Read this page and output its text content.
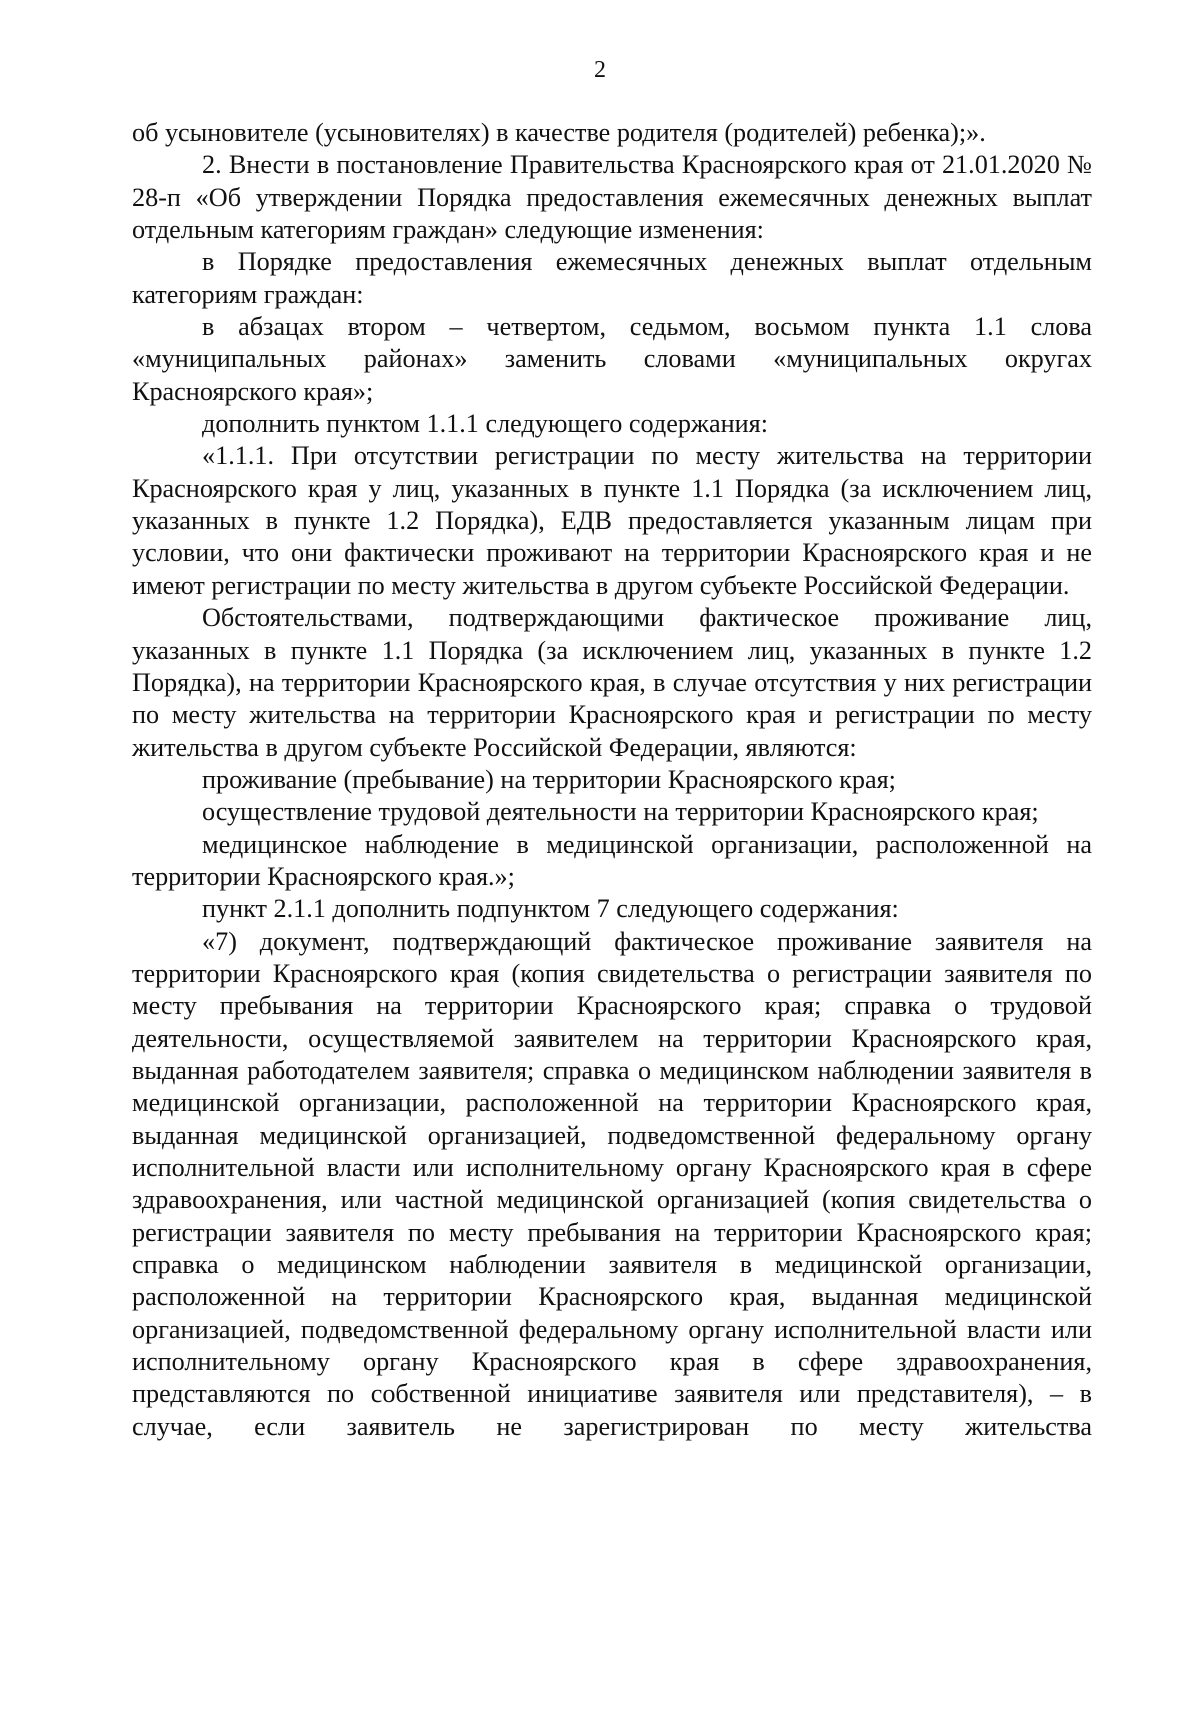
2

об усыновителе (усыновителях) в качестве родителя (родителей) ребенка);».

2. Внести в постановление Правительства Красноярского края от 21.01.2020 № 28-п «Об утверждении Порядка предоставления ежемесячных денежных выплат отдельным категориям граждан» следующие изменения:

в Порядке предоставления ежемесячных денежных выплат отдельным категориям граждан:

в абзацах втором – четвертом, седьмом, восьмом пункта 1.1 слова «муниципальных районах» заменить словами «муниципальных округах Красноярского края»;

дополнить пунктом 1.1.1 следующего содержания:

«1.1.1. При отсутствии регистрации по месту жительства на территории Красноярского края у лиц, указанных в пункте 1.1 Порядка (за исключением лиц, указанных в пункте 1.2 Порядка), ЕДВ предоставляется указанным лицам при условии, что они фактически проживают на территории Красноярского края и не имеют регистрации по месту жительства в другом субъекте Российской Федерации.

Обстоятельствами, подтверждающими фактическое проживание лиц, указанных в пункте 1.1 Порядка (за исключением лиц, указанных в пункте 1.2 Порядка), на территории Красноярского края, в случае отсутствия у них регистрации по месту жительства на территории Красноярского края и регистрации по месту жительства в другом субъекте Российской Федерации, являются:

проживание (пребывание) на территории Красноярского края;

осуществление трудовой деятельности на территории Красноярского края;

медицинское наблюдение в медицинской организации, расположенной на территории Красноярского края.»;

пункт 2.1.1 дополнить подпунктом 7 следующего содержания:

«7) документ, подтверждающий фактическое проживание заявителя на территории Красноярского края (копия свидетельства о регистрации заявителя по месту пребывания на территории Красноярского края; справка о трудовой деятельности, осуществляемой заявителем на территории Красноярского края, выданная работодателем заявителя; справка о медицинском наблюдении заявителя в медицинской организации, расположенной на территории Красноярского края, выданная медицинской организацией, подведомственной федеральному органу исполнительной власти или исполнительному органу Красноярского края в сфере здравоохранения, или частной медицинской организацией (копия свидетельства о регистрации заявителя по месту пребывания на территории Красноярского края; справка о медицинском наблюдении заявителя в медицинской организации, расположенной на территории Красноярского края, выданная медицинской организацией, подведомственной федеральному органу исполнительной власти или исполнительному органу Красноярского края в сфере здравоохранения, представляются по собственной инициативе заявителя или представителя), – в случае, если заявитель не зарегистрирован по месту жительства
